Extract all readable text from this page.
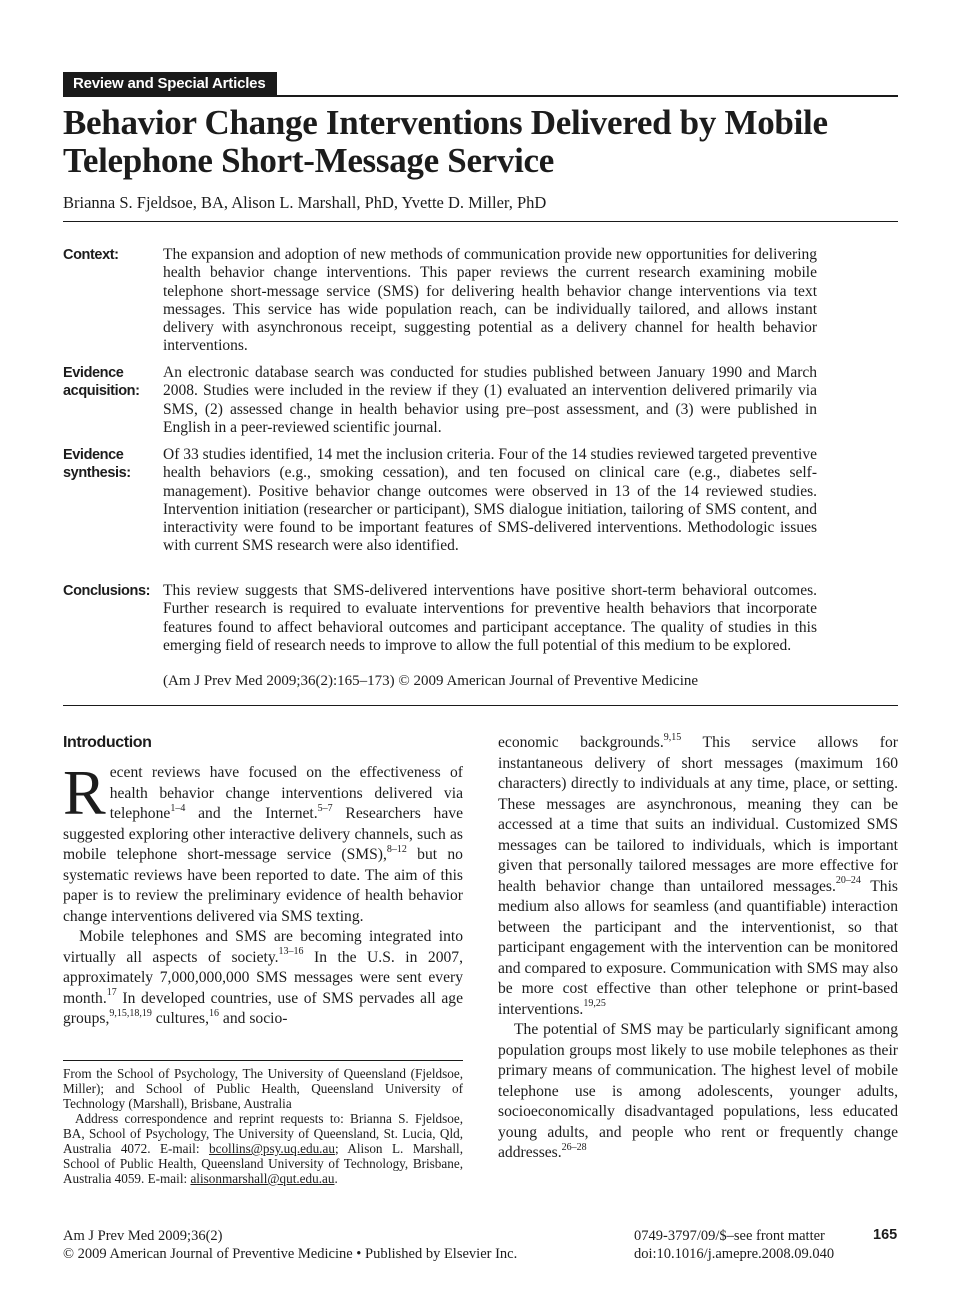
Review and Special Articles
Behavior Change Interventions Delivered by Mobile
Telephone Short-Message Service
Brianna S. Fjeldsoe, BA, Alison L. Marshall, PhD, Yvette D. Miller, PhD
Context:	The expansion and adoption of new methods of communication provide new opportunities for delivering health behavior change interventions. This paper reviews the current research examining mobile telephone short-message service (SMS) for delivering health behavior change interventions via text messages. This service has wide population reach, can be individually tailored, and allows instant delivery with asynchronous receipt, suggesting potential as a delivery channel for health behavior interventions.
Evidence
acquisition:
An electronic database search was conducted for studies published between January 1990 and March 2008. Studies were included in the review if they (1) evaluated an intervention delivered primarily via SMS, (2) assessed change in health behavior using pre–post assessment, and (3) were published in English in a peer-reviewed scientific journal.
Evidence
synthesis:
Of 33 studies identified, 14 met the inclusion criteria. Four of the 14 studies reviewed targeted preventive health behaviors (e.g., smoking cessation), and ten focused on clinical care (e.g., diabetes self-management). Positive behavior change outcomes were observed in 13 of the 14 reviewed studies. Intervention initiation (researcher or participant), SMS dialogue initiation, tailoring of SMS content, and interactivity were found to be important features of SMS-delivered interventions. Methodologic issues with current SMS research were also identified.
Conclusions: This review suggests that SMS-delivered interventions have positive short-term behavioral outcomes. Further research is required to evaluate interventions for preventive health behaviors that incorporate features found to affect behavioral outcomes and participant acceptance. The quality of studies in this emerging field of research needs to improve to allow the full potential of this medium to be explored.
(Am J Prev Med 2009;36(2):165–173) © 2009 American Journal of Preventive Medicine
Introduction

Recent reviews have focused on the effectiveness of health behavior change interventions delivered via telephone$^{1-4}$ and the Internet.$^{5-7}$ Researchers have suggested exploring other interactive delivery channels, such as mobile telephone short-message service (SMS),$^{8-12}$ but no systematic reviews have been reported to date. The aim of this paper is to review the preliminary evidence of health behavior change interventions delivered via SMS texting.

Mobile telephones and SMS are becoming integrated into virtually all aspects of society.$^{13-16}$ In the U.S. in 2007, approximately 7,000,000,000 SMS messages were sent every month.$^{17}$ In developed countries, use of SMS pervades all age groups,$^{9,15,18,19}$ cultures,$^{16}$ and socio-

From the School of Psychology, The University of Queensland (Fjeldsoe, Miller); and School of Public Health, Queensland University of Technology (Marshall), Brisbane, Australia

Address correspondence and reprint requests to: Brianna S. Fjeldsoe, BA, School of Psychology, The University of Queensland, St. Lucia, Qld, Australia 4072. E-mail: bcollins@psy.uq.edu.au; Alison L. Marshall, School of Public Health, Queensland University of Technology, Brisbane, Australia 4059. E-mail: alisonmarshall@qut.edu.au.

economic backgrounds.$^{9,15}$ This service allows for instantaneous delivery of short messages (maximum 160 characters) directly to individuals at any time, place, or setting. These messages are asynchronous, meaning they can be accessed at a time that suits an individual. Customized SMS messages can be tailored to individuals, which is important given that personally tailored messages are more effective for health behavior change than untailored messages.$^{20-24}$ This medium also allows for seamless (and quantifiable) interaction between the participant and the interventionist, so that participant engagement with the intervention can be monitored and compared to exposure. Communication with SMS may also be more cost effective than other telephone or print-based interventions.$^{19,25}$

The potential of SMS may be particularly significant among population groups most likely to use mobile telephones as their primary means of communication. The highest level of mobile telephone use is among adolescents, younger adults, socioeconomically disadvantaged populations, less educated young adults, and people who rent or frequently change addresses.$^{26-28}$

Am J Prev Med 2009;36(2)
© 2009 American Journal of Preventive Medicine • Published by Elsevier Inc.
0749-3797/09/$–see front matter	165
doi:10.1016/j.amepre.2008.09.040
